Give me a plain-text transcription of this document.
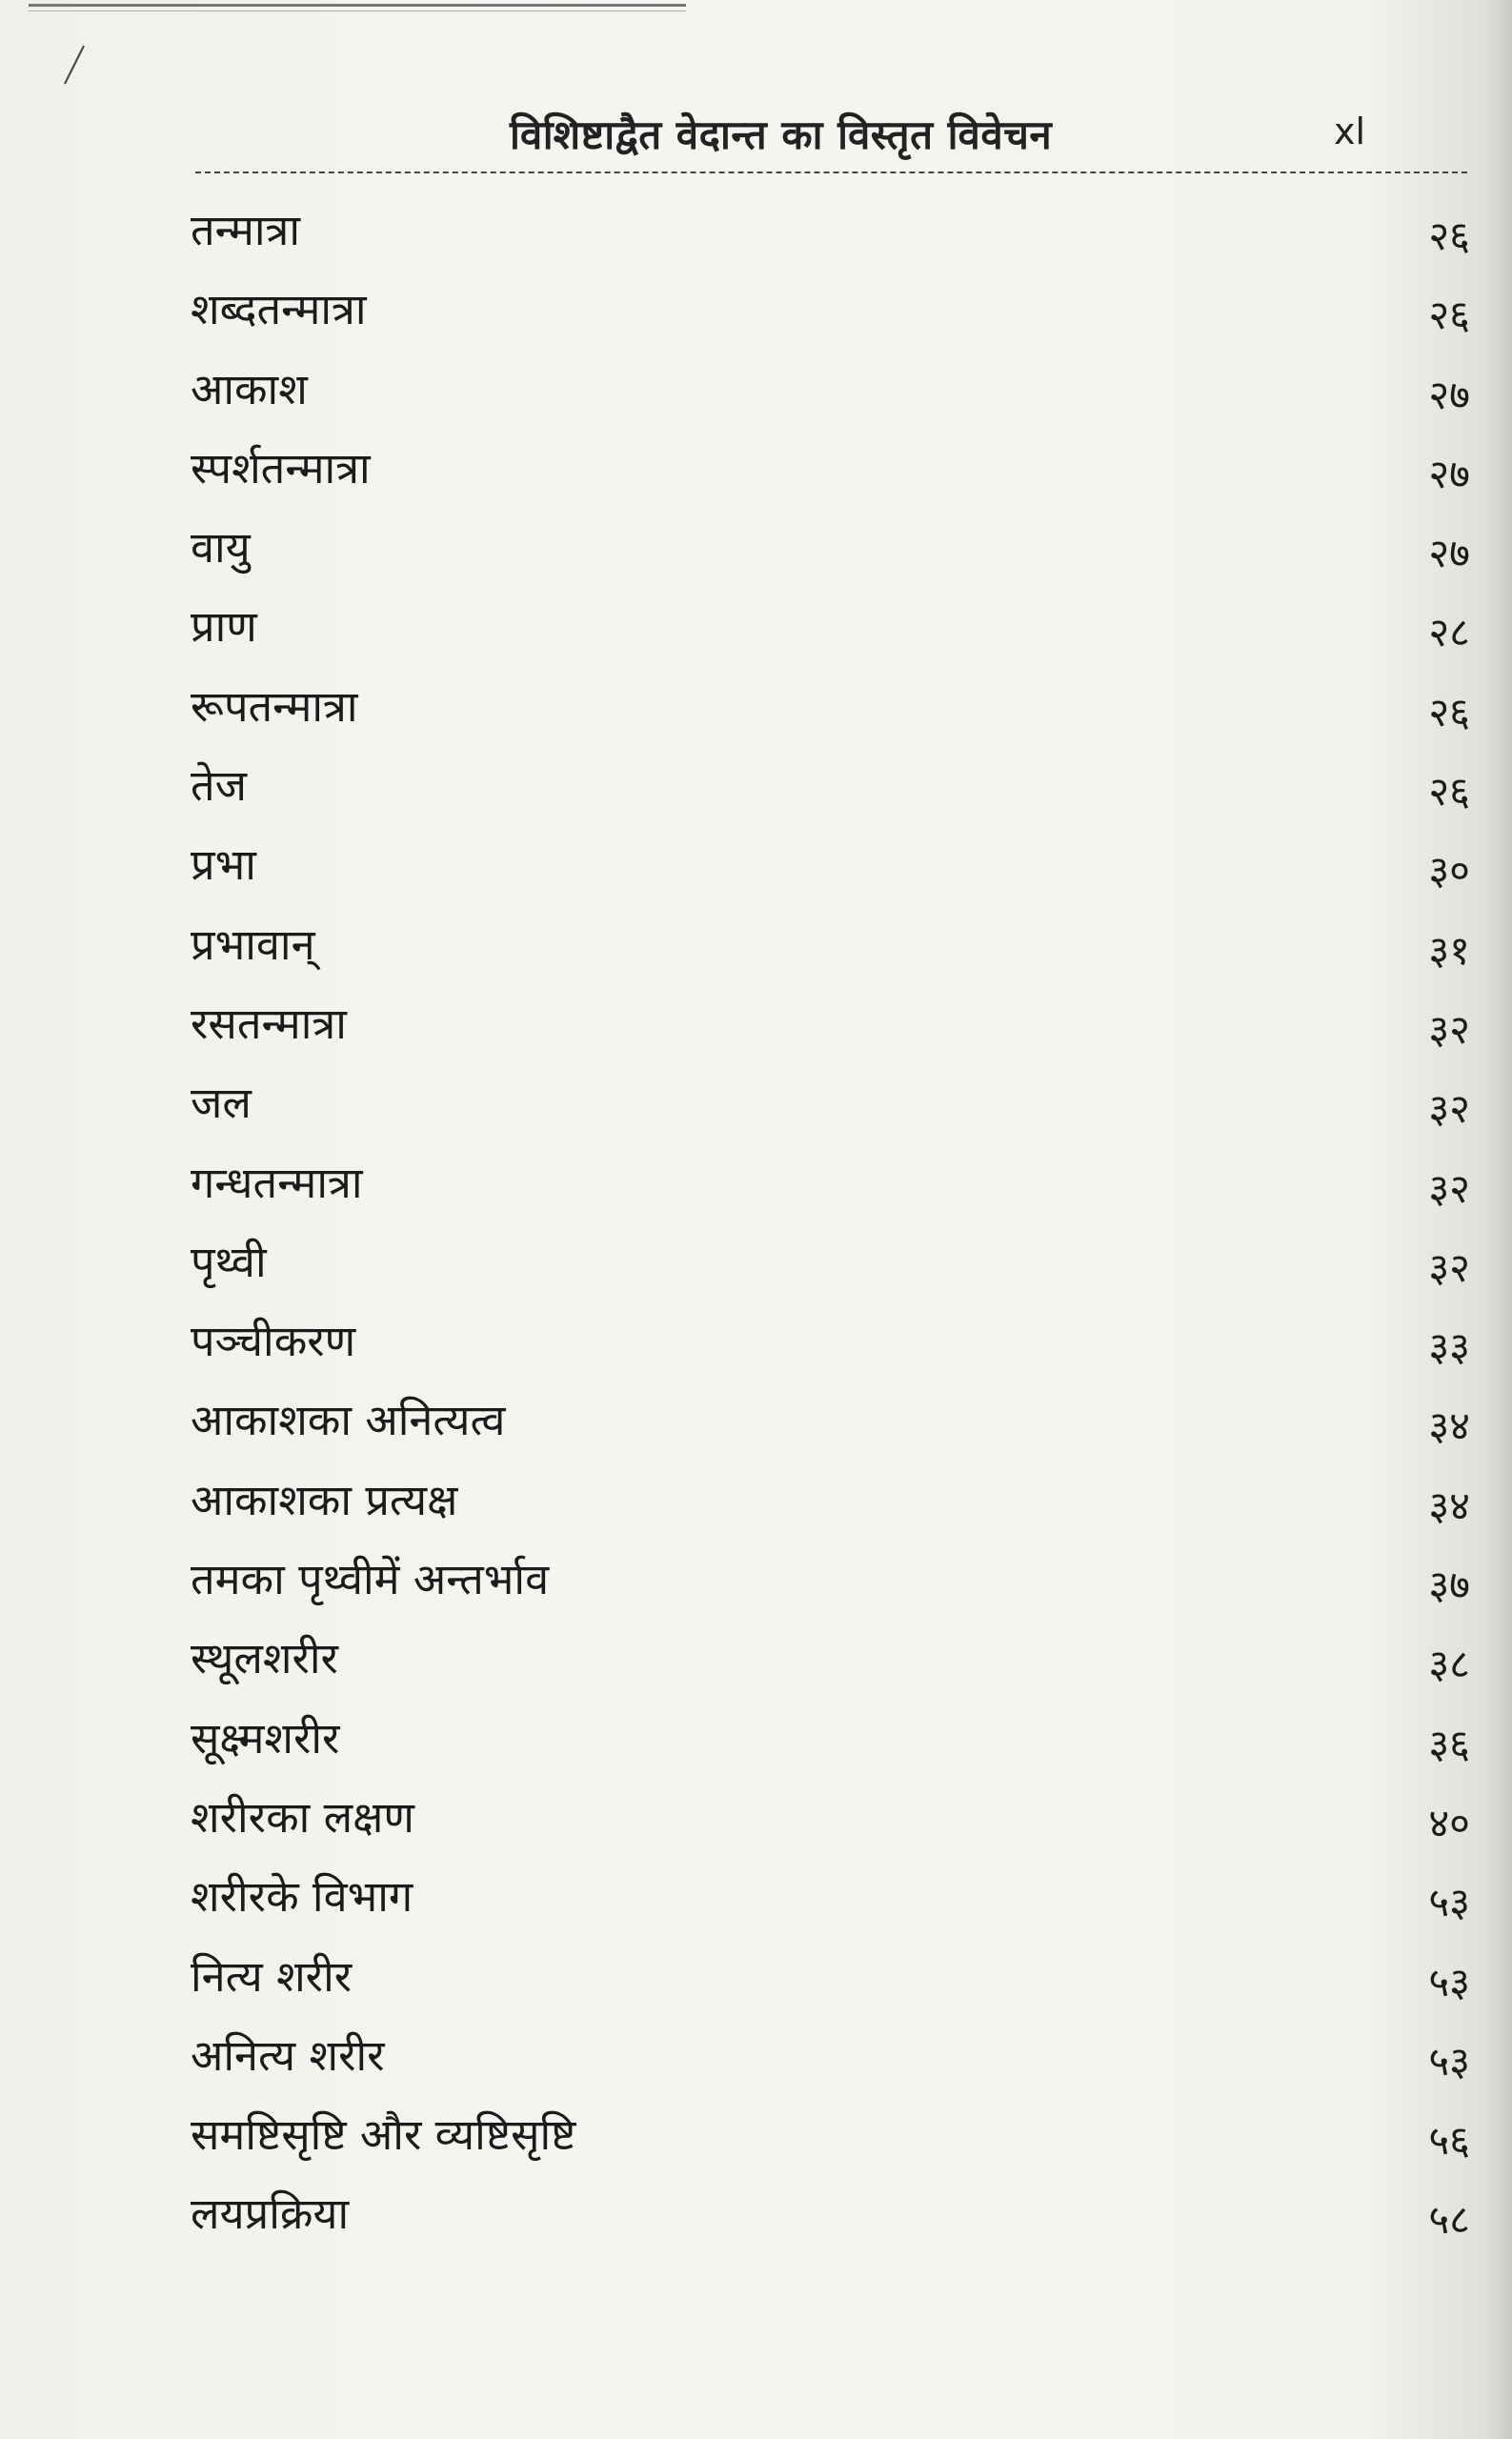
विशिष्टाद्वैत वेदान्त का विस्तृत विवेचन	xl
तन्मात्रा	२६
शब्दतन्मात्रा	२६
आकाश	२७
स्पर्शतन्मात्रा	२७
वायु	२७
प्राण	२८
रूपतन्मात्रा	२६
तेज	२६
प्रभा	३०
प्रभावान्	३१
रसतन्मात्रा	३२
जल	३२
गन्धतन्मात्रा	३२
पृथ्वी	३२
पञ्चीकरण	३३
आकाशका अनित्यत्व	३४
आकाशका प्रत्यक्ष	३४
तमका पृथ्वीमें अन्तर्भाव	३७
स्थूलशरीर	३८
सूक्ष्मशरीर	३६
शरीरका लक्षण	४०
शरीरके विभाग	५३
नित्य शरीर	५३
अनित्य शरीर	५३
समष्टिसृष्टि और व्यष्टिसृष्टि	५६
लयप्रक्रिया	५८
